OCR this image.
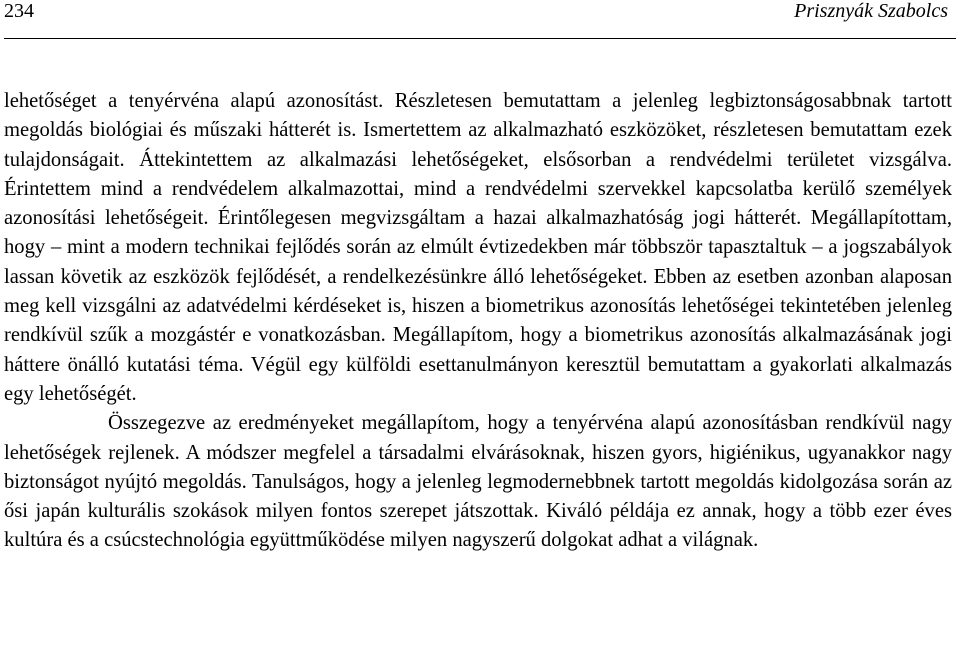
234	Prisznyák Szabolcs

lehetőséget a tenyérvéna alapú azonosítást. Részletesen bemutattam a jelenleg legbiztonságosabbnak tartott megoldás biológiai és műszaki hátterét is. Ismertettem az alkalmazható eszközöket, részletesen bemutattam ezek tulajdonságait. Áttekintettem az alkalmazási lehetőségeket, elsősorban a rendvédelmi területet vizsgálva. Érintettem mind a rendvédelem alkalmazottai, mind a rendvédelmi szervekkel kapcsolatba kerülő személyek azonosítási lehetőségeit. Érintőlegesen megvizsgáltam a hazai alkalmazhatóság jogi hátterét. Megállapítottam, hogy – mint a modern technikai fejlődés során az elmúlt évtizedekben már többször tapasztaltuk – a jogszabályok lassan követik az eszközök fejlődését, a rendelkezésünkre álló lehetőségeket. Ebben az esetben azonban alaposan meg kell vizsgálni az adatvédelmi kérdéseket is, hiszen a biometrikus azonosítás lehetőségei tekintetében jelenleg rendkívül szűk a mozgástér e vonatkozásban. Megállapítom, hogy a biometrikus azonosítás alkalmazásának jogi háttere önálló kutatási téma. Végül egy külföldi esettanulmányon keresztül bemutattam a gyakorlati alkalmazás egy lehetőségét.

Összegezve az eredményeket megállapítom, hogy a tenyérvéna alapú azonosításban rendkívül nagy lehetőségek rejlenek. A módszer megfelel a társadalmi elvárásoknak, hiszen gyors, higiénikus, ugyanakkor nagy biztonságot nyújtó megoldás. Tanulságos, hogy a jelenleg legmodernebbnek tartott megoldás kidolgozása során az ősi japán kulturális szokások milyen fontos szerepet játszottak. Kiváló példája ez annak, hogy a több ezer éves kultúra és a csúcstechnológia együttműködése milyen nagyszerű dolgokat adhat a világnak.
